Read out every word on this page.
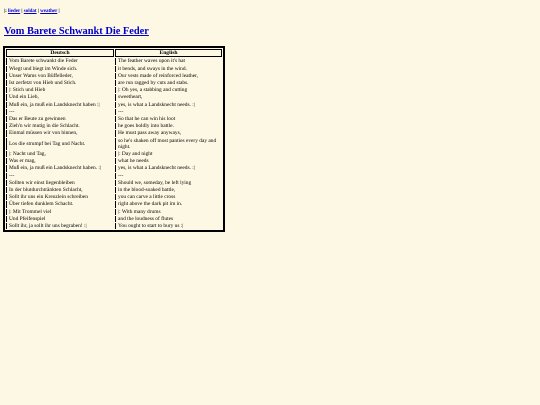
|: lieder | soldat | weather |
Vom Barete Schwankt Die Feder
Deutsch	English
Vom Barete schwankt die Feder	The feather waves upon it's hat
Wiegt und biegt im Winde sich.	it bends, and sways in the wind.
Unser Wams von Büffelleder,	Our vests made of reinforced leather,
Ist zerfetzt von Hieb und Stich.	are run ragged by cuts and stabs.
|: Stich und Hieb	|: Oh yes, a stabbing and cutting
Und ein Lieb,	sweetheart,
Muß ein, ja muß ein Landsknecht haben :|	yes, is what a Landsknecht needs. :|
---	---
Das er Beute zu gewinnen	So that he can win his loot
Zieh'n wir mutig in die Schlacht.	he goes boldly into battle.
Einmal müssen wir von hinnen,	He must pass away anyways,
Los die strumpf bei Tag und Nacht.	so he's shaken off most panties every day and night.
|: Nacht und Tag,	|: Day and night
Was er mag,	what he needs
Muß ein, ja muß ein Landsknecht haben. :|	yes, is what a Landsknecht needs. :|
---	---
Sollten wir einst liegenbleiben	Should we, someday, be left lying
In der blutdurchtränkten Schlacht,	in the blood-soaked battle,
Sollt ihr uns ein Kreuzlein schreiben	you can carve a little cross
Über tiefen dunklem Schacht.	right above the dark pit im in.
|: Mit Trommel viel	|: With many drums
Und Pfeifenspiel	and the loudness of flutes
Sollt ihr, ja sollt ihr uns begraben! :|	You ought to start to bury us :|
